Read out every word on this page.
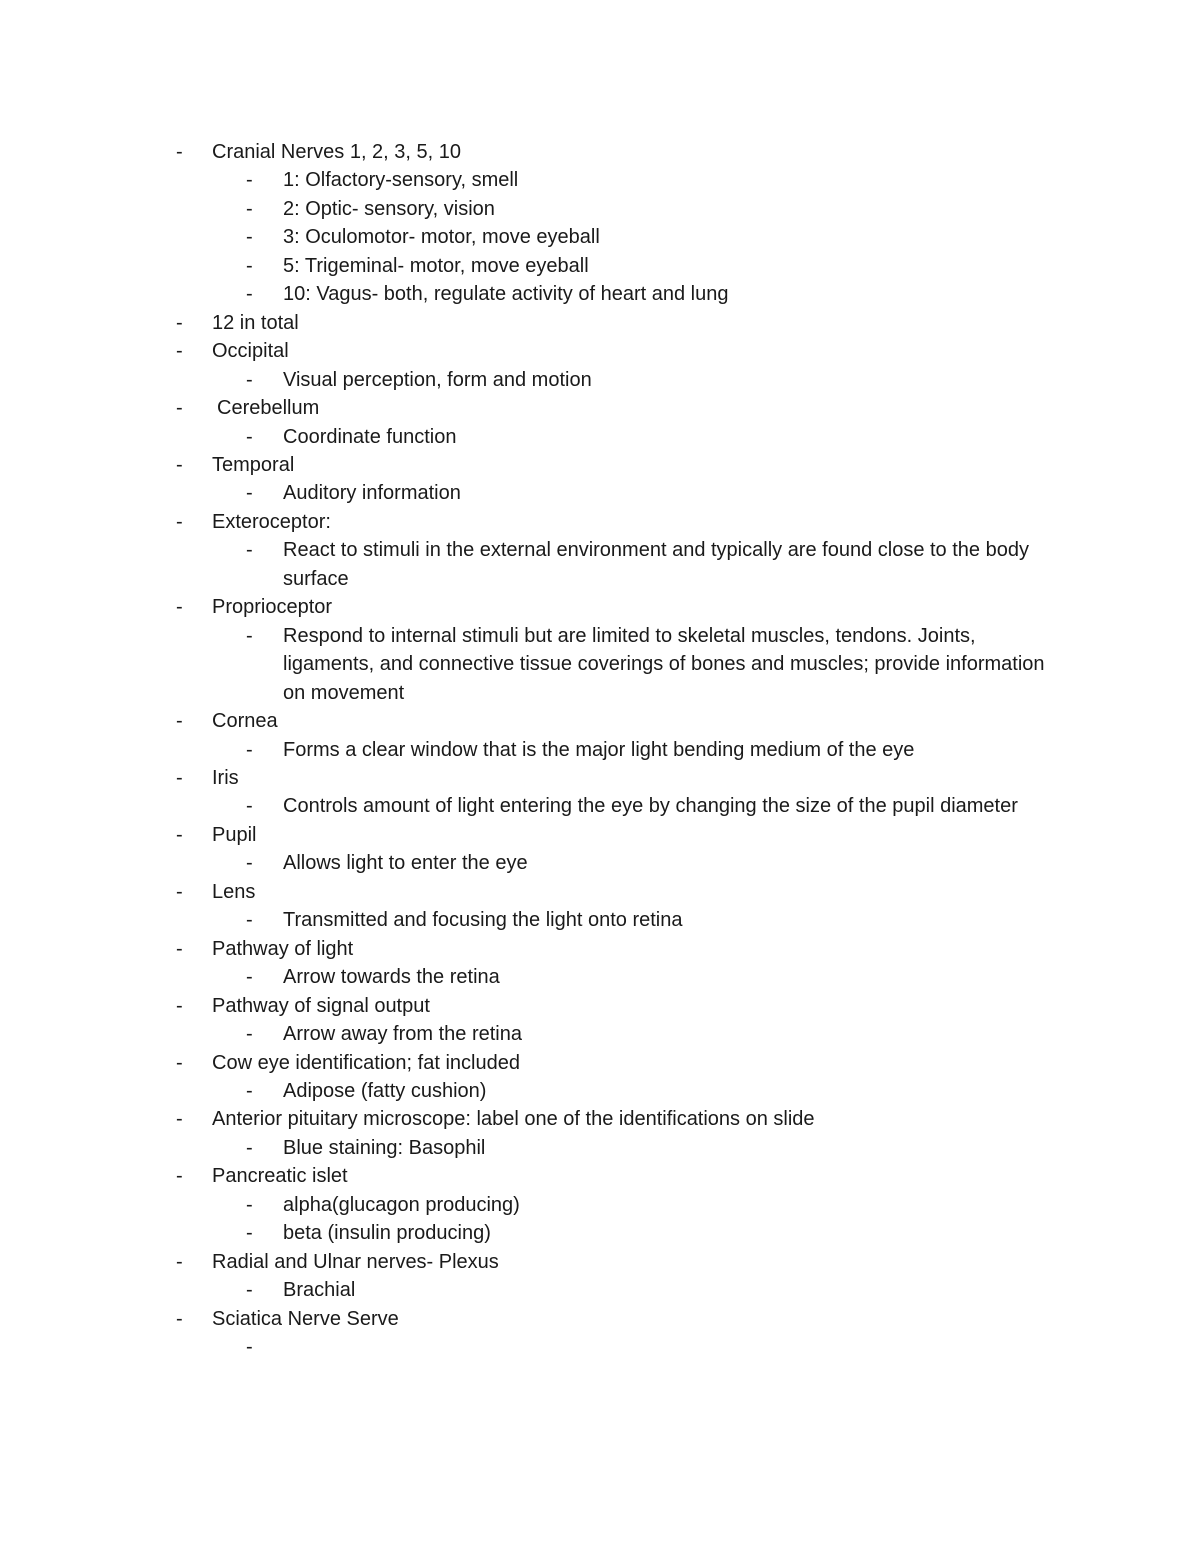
- Cranial Nerves 1, 2, 3, 5, 10
- 1: Olfactory-sensory, smell
- 2: Optic- sensory, vision
- 3: Oculomotor- motor, move eyeball
- 5: Trigeminal- motor, move eyeball
- 10: Vagus- both, regulate activity of heart and lung
- 12 in total
- Occipital
- Visual perception, form and motion
- Cerebellum
- Coordinate function
- Temporal
- Auditory information
- Exteroceptor:
- React to stimuli in the external environment and typically are found close to the body surface
- Proprioceptor
- Respond to internal stimuli but are limited to skeletal muscles, tendons. Joints, ligaments, and connective tissue coverings of bones and muscles; provide information on movement
- Cornea
- Forms a clear window that is the major light bending medium of the eye
- Iris
- Controls amount of light entering the eye by changing the size of the pupil diameter
- Pupil
- Allows light to enter the eye
- Lens
- Transmitted and focusing the light onto retina
- Pathway of light
- Arrow towards the retina
- Pathway of signal output
- Arrow away from the retina
- Cow eye identification; fat included
- Adipose (fatty cushion)
- Anterior pituitary microscope: label one of the identifications on slide
- Blue staining: Basophil
- Pancreatic islet
- alpha(glucagon producing)
- beta (insulin producing)
- Radial and Ulnar nerves- Plexus
- Brachial
- Sciatica Nerve Serve
-
